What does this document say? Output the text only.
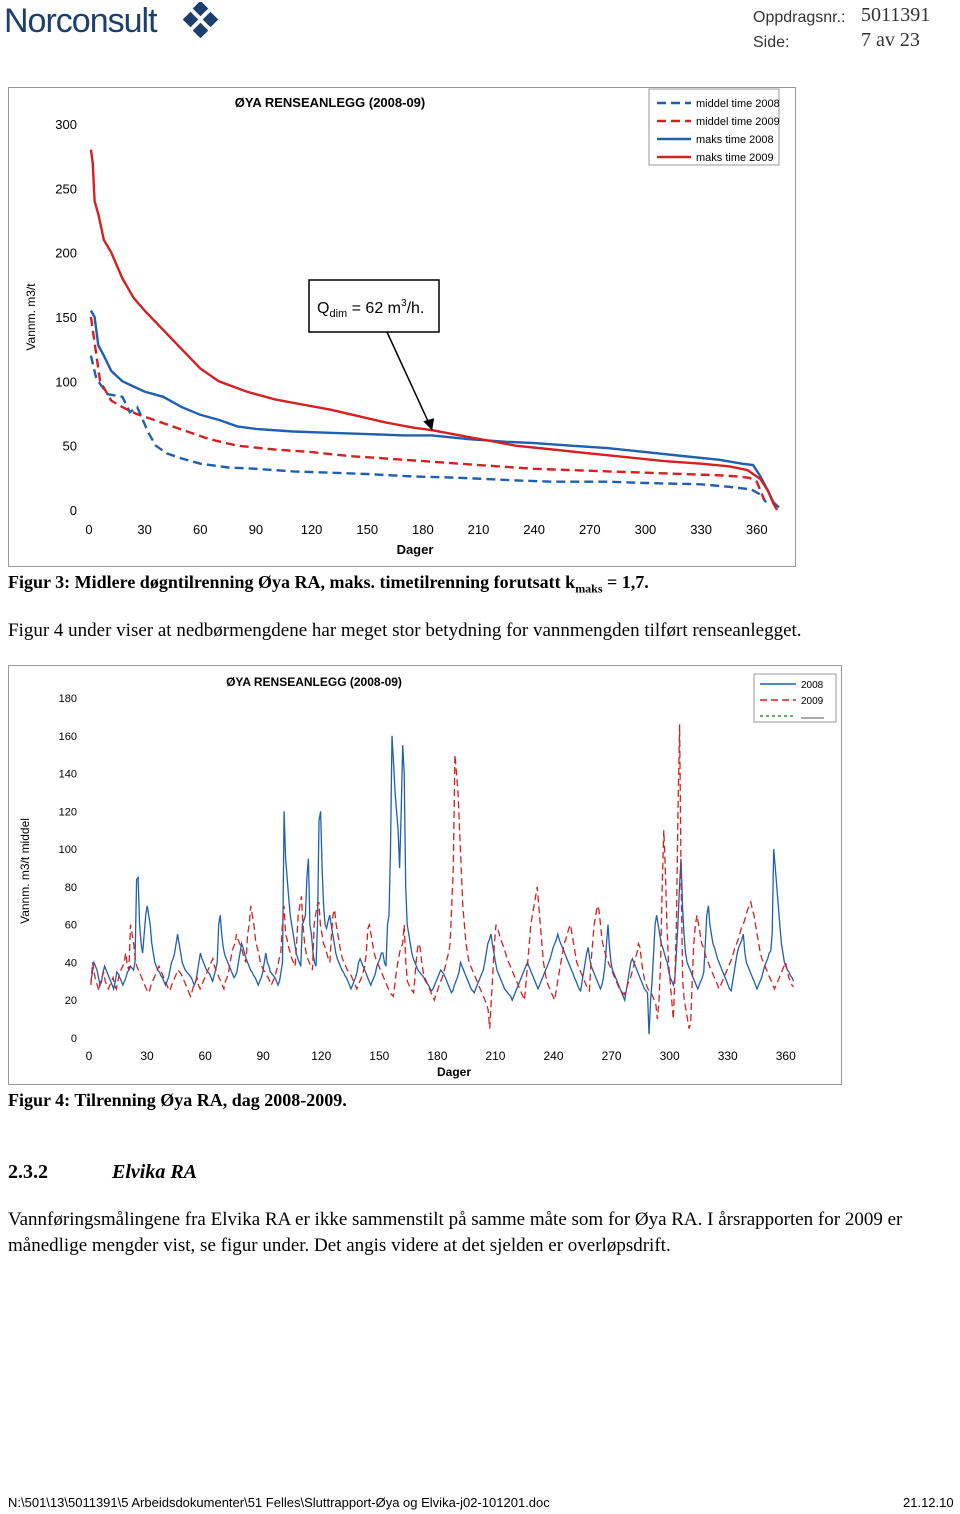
Norconsult	Oppdragsnr.: 5011391
Side:	7 av 23
0
50
100
150
200
250
300
0	30	60	90	120	150	180	210	240	270	300	330	360
Dager
Vannm. m3/t
ØYA RENSEANLEGG (2008-09)
$Q_{dim} = 62$ $m^3/h$.
middel time 2008
middel time 2009
maks time 2008
maks time 2009
Figur 3: Midlere døgntilrenning Øya RA, maks. timetilrenning forutsatt $k_{maks} = 1,7$.
Figur 4 under viser at nedbørmengdene har meget stor betydning for vannmengden tilført renseanlegget.
0
20
40
60
80
100
120
140
160
180
0	30	60	90	120	150	180	210	240	270	300	330	360
Dager
Vannm. m3/t middel
ØYA RENSEANLEGG (2008-09)	2008
2009
Figur 4: Tilrenning Øya RA, dag 2008-2009.
2.3.2	Elvika RA
Vannføringsmålingene fra Elvika RA er ikke sammenstilt på samme måte som for Øya RA. I årsrapporten for 2009 er månedlige mengder vist, se figur under. Det angis videre at det sjelden er overløpsdrift.
N:\501\13\5011391\5 Arbeidsdokumenter\51 Felles\Sluttrapport-Øya og Elvika-j02-101201.doc	21.12.10
